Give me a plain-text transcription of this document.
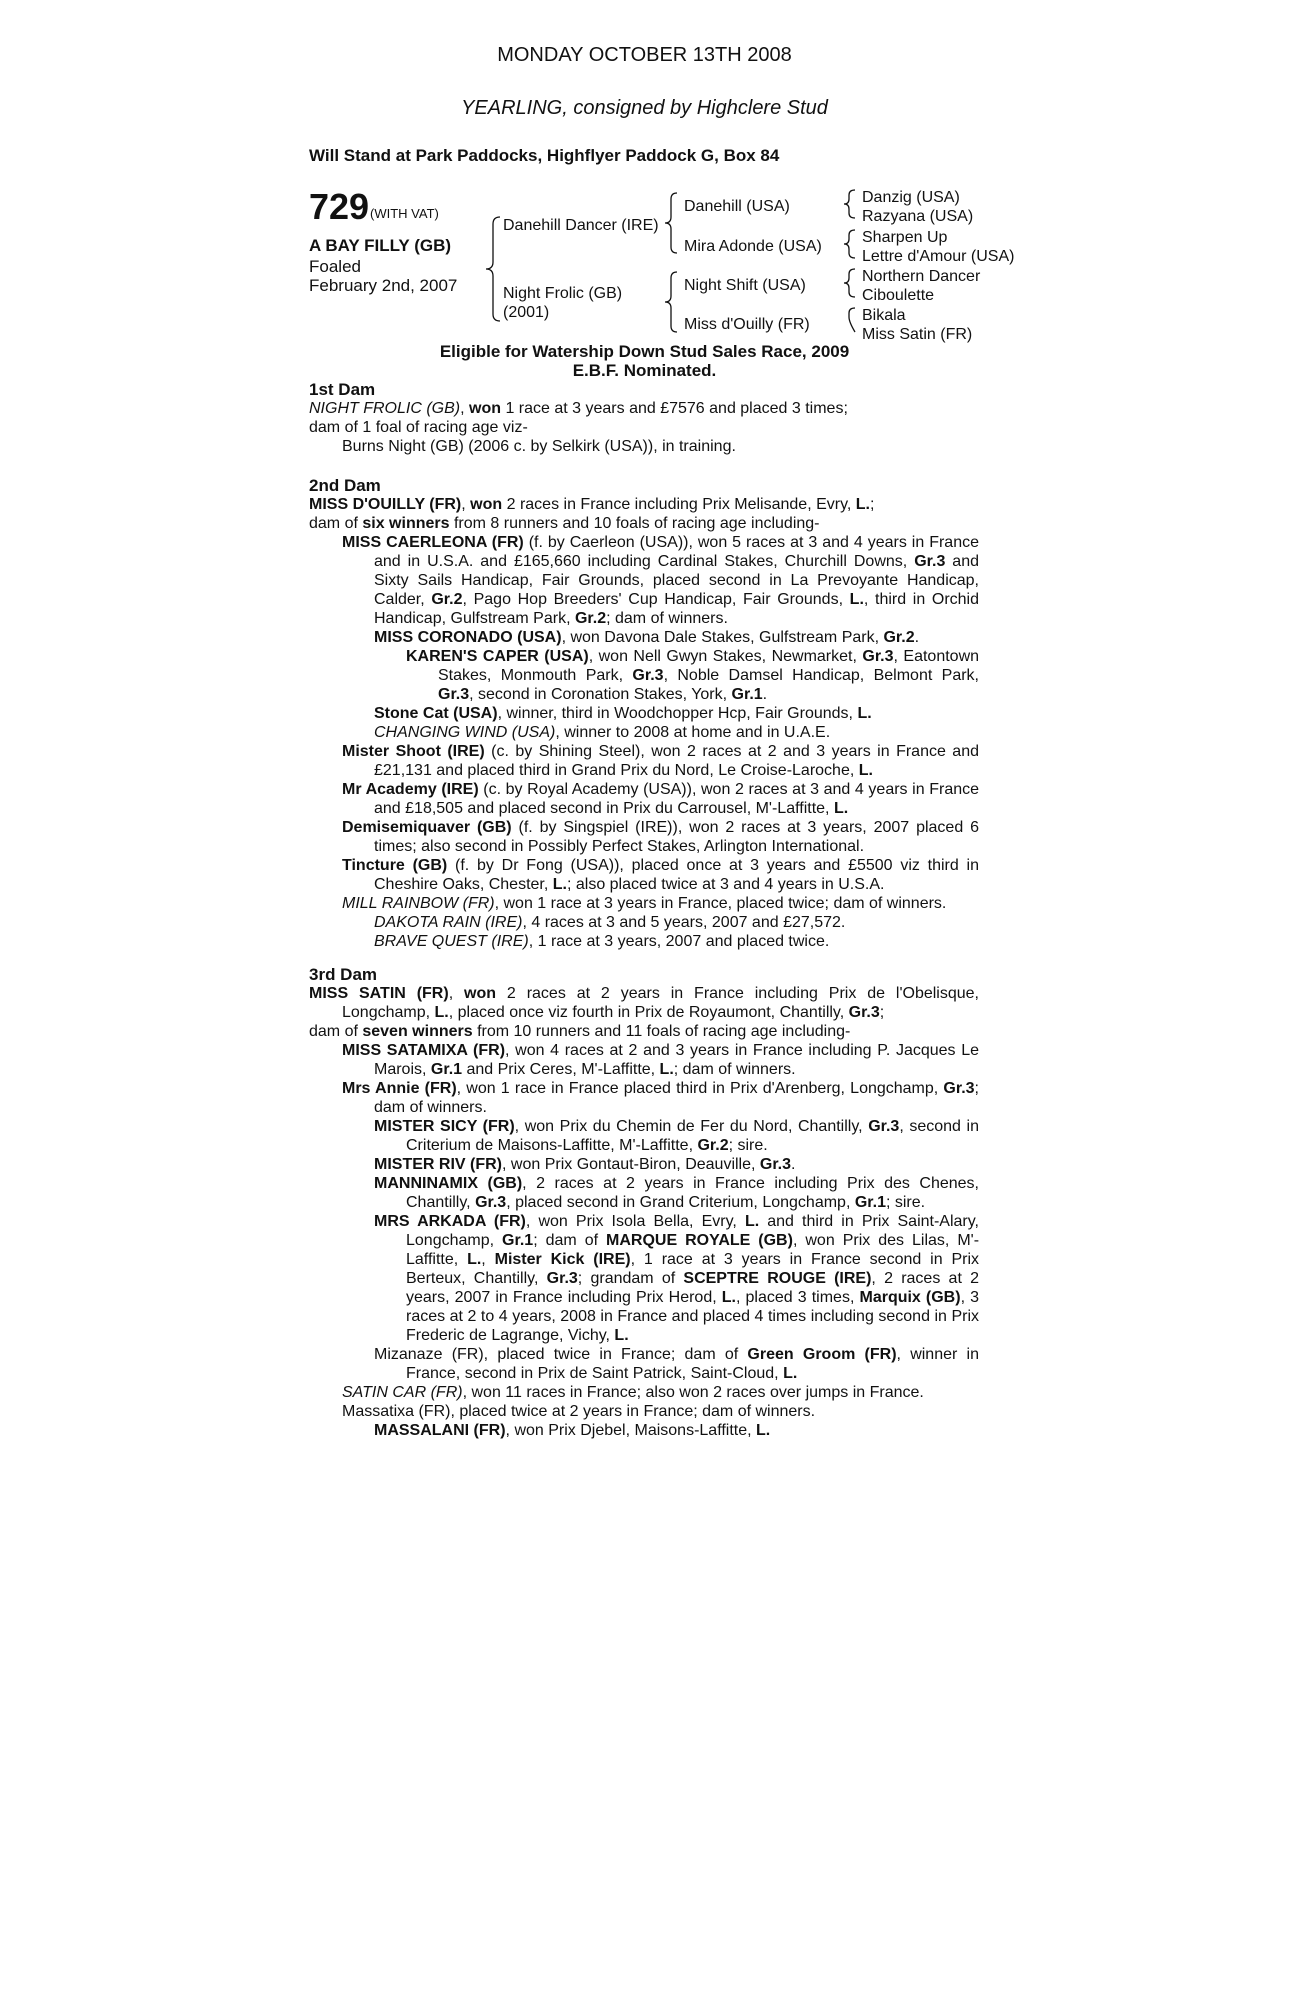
MONDAY OCTOBER 13TH 2008
YEARLING, consigned by Highclere Stud
Will Stand at Park Paddocks, Highflyer Paddock G, Box 84
729 (WITH VAT)
A BAY FILLY (GB)
Foaled
February 2nd, 2007
Danehill Dancer (IRE)
Night Frolic (GB)
(2001)
Danehill (USA)
Mira Adonde (USA)
Night Shift (USA)
Miss d'Ouilly (FR)
Danzig (USA)
Razyana (USA)
Sharpen Up
Lettre d'Amour (USA)
Northern Dancer
Ciboulette
Bikala
Miss Satin (FR)
Eligible for Watership Down Stud Sales Race, 2009
E.B.F. Nominated.
1st Dam
NIGHT FROLIC (GB), won 1 race at 3 years and £7576 and placed 3 times;
dam of 1 foal of racing age viz-
Burns Night (GB) (2006 c. by Selkirk (USA)), in training.
2nd Dam
MISS D'OUILLY (FR), won 2 races in France including Prix Melisande, Evry, L.;
dam of six winners from 8 runners and 10 foals of racing age including-
MISS CAERLEONA (FR) (f. by Caerleon (USA)), won 5 races at 3 and 4 years in France and in U.S.A. and £165,660 including Cardinal Stakes, Churchill Downs, Gr.3 and Sixty Sails Handicap, Fair Grounds, placed second in La Prevoyante Handicap, Calder, Gr.2, Pago Hop Breeders' Cup Handicap, Fair Grounds, L., third in Orchid Handicap, Gulfstream Park, Gr.2; dam of winners.
MISS CORONADO (USA), won Davona Dale Stakes, Gulfstream Park, Gr.2.
KAREN'S CAPER (USA), won Nell Gwyn Stakes, Newmarket, Gr.3, Eatontown Stakes, Monmouth Park, Gr.3, Noble Damsel Handicap, Belmont Park, Gr.3, second in Coronation Stakes, York, Gr.1.
Stone Cat (USA), winner, third in Woodchopper Hcp, Fair Grounds, L.
CHANGING WIND (USA), winner to 2008 at home and in U.A.E.
Mister Shoot (IRE) (c. by Shining Steel), won 2 races at 2 and 3 years in France and £21,131 and placed third in Grand Prix du Nord, Le Croise-Laroche, L.
Mr Academy (IRE) (c. by Royal Academy (USA)), won 2 races at 3 and 4 years in France and £18,505 and placed second in Prix du Carrousel, M'-Laffitte, L.
Demisemiquaver (GB) (f. by Singspiel (IRE)), won 2 races at 3 years, 2007 placed 6 times; also second in Possibly Perfect Stakes, Arlington International.
Tincture (GB) (f. by Dr Fong (USA)), placed once at 3 years and £5500 viz third in Cheshire Oaks, Chester, L.; also placed twice at 3 and 4 years in U.S.A.
MILL RAINBOW (FR), won 1 race at 3 years in France, placed twice; dam of winners.
DAKOTA RAIN (IRE), 4 races at 3 and 5 years, 2007 and £27,572.
BRAVE QUEST (IRE), 1 race at 3 years, 2007 and placed twice.
3rd Dam
MISS SATIN (FR), won 2 races at 2 years in France including Prix de l'Obelisque, Longchamp, L., placed once viz fourth in Prix de Royaumont, Chantilly, Gr.3;
dam of seven winners from 10 runners and 11 foals of racing age including-
MISS SATAMIXA (FR), won 4 races at 2 and 3 years in France including P. Jacques Le Marois, Gr.1 and Prix Ceres, M'-Laffitte, L.; dam of winners.
Mrs Annie (FR), won 1 race in France placed third in Prix d'Arenberg, Longchamp, Gr.3; dam of winners.
MISTER SICY (FR), won Prix du Chemin de Fer du Nord, Chantilly, Gr.3, second in Criterium de Maisons-Laffitte, M'-Laffitte, Gr.2; sire.
MISTER RIV (FR), won Prix Gontaut-Biron, Deauville, Gr.3.
MANNINAMIX (GB), 2 races at 2 years in France including Prix des Chenes, Chantilly, Gr.3, placed second in Grand Criterium, Longchamp, Gr.1; sire.
MRS ARKADA (FR), won Prix Isola Bella, Evry, L. and third in Prix Saint-Alary, Longchamp, Gr.1; dam of MARQUE ROYALE (GB), won Prix des Lilas, M'-Laffitte, L., Mister Kick (IRE), 1 race at 3 years in France second in Prix Berteux, Chantilly, Gr.3; grandam of SCEPTRE ROUGE (IRE), 2 races at 2 years, 2007 in France including Prix Herod, L., placed 3 times, Marquix (GB), 3 races at 2 to 4 years, 2008 in France and placed 4 times including second in Prix Frederic de Lagrange, Vichy, L.
Mizanaze (FR), placed twice in France; dam of Green Groom (FR), winner in France, second in Prix de Saint Patrick, Saint-Cloud, L.
SATIN CAR (FR), won 11 races in France; also won 2 races over jumps in France.
Massatixa (FR), placed twice at 2 years in France; dam of winners.
MASSALANI (FR), won Prix Djebel, Maisons-Laffitte, L.
